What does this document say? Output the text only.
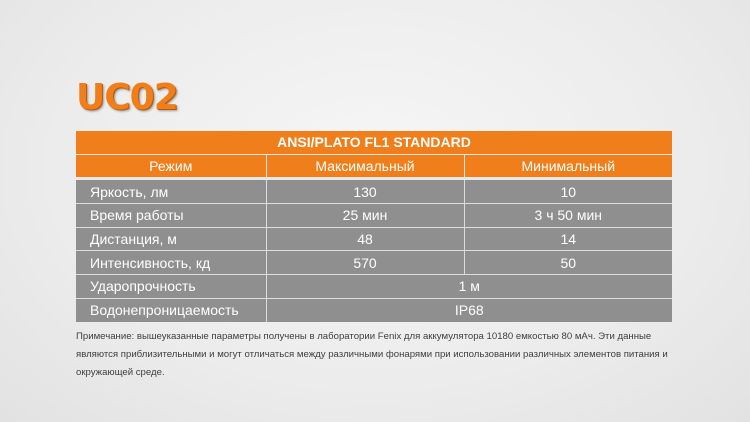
UC02
ANSI/PLATO FL1 STANDARD		
Режим	Максимальный	Минимальный
Яркость, лм	130	10
Время работы	25 мин	3 ч 50 мин
Дистанция, м	48	14
Интенсивность, кд	570	50
Ударопрочность	1 м	
Водонепроницаемость	IP68	
Примечание: вышеуказанные параметры получены в лаборатории Fenix для аккумулятора 10180 емкостью 80 мАч. Эти данные являются приблизительными и могут отличаться между различными фонарями при использовании различных элементов питания и окружающей среде.
